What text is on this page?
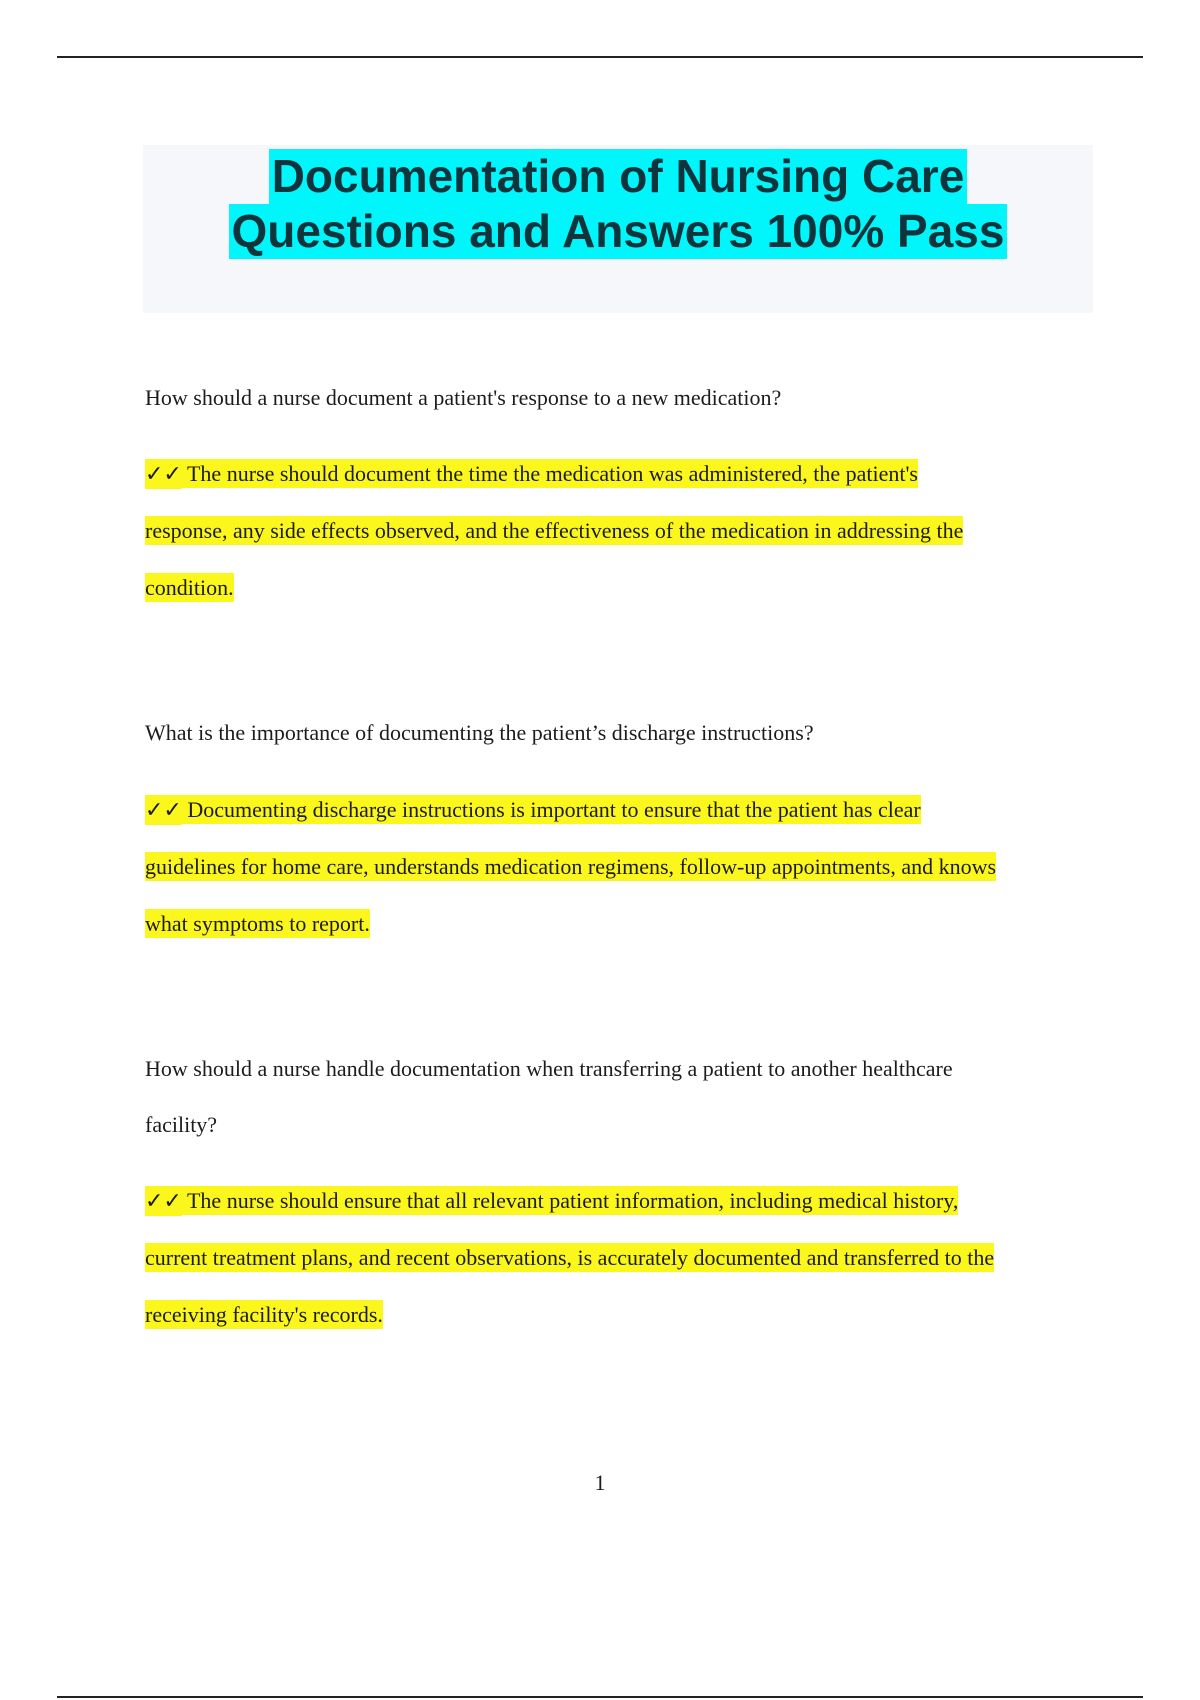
Documentation of Nursing Care
Questions and Answers 100% Pass

How should a nurse document a patient's response to a new medication?

✓✓ The nurse should document the time the medication was administered, the patient's
response, any side effects observed, and the effectiveness of the medication in addressing the
condition.

What is the importance of documenting the patient’s discharge instructions?

✓✓ Documenting discharge instructions is important to ensure that the patient has clear
guidelines for home care, understands medication regimens, follow-up appointments, and knows
what symptoms to report.

How should a nurse handle documentation when transferring a patient to another healthcare
facility?

✓✓ The nurse should ensure that all relevant patient information, including medical history,
current treatment plans, and recent observations, is accurately documented and transferred to the
receiving facility's records.
1
